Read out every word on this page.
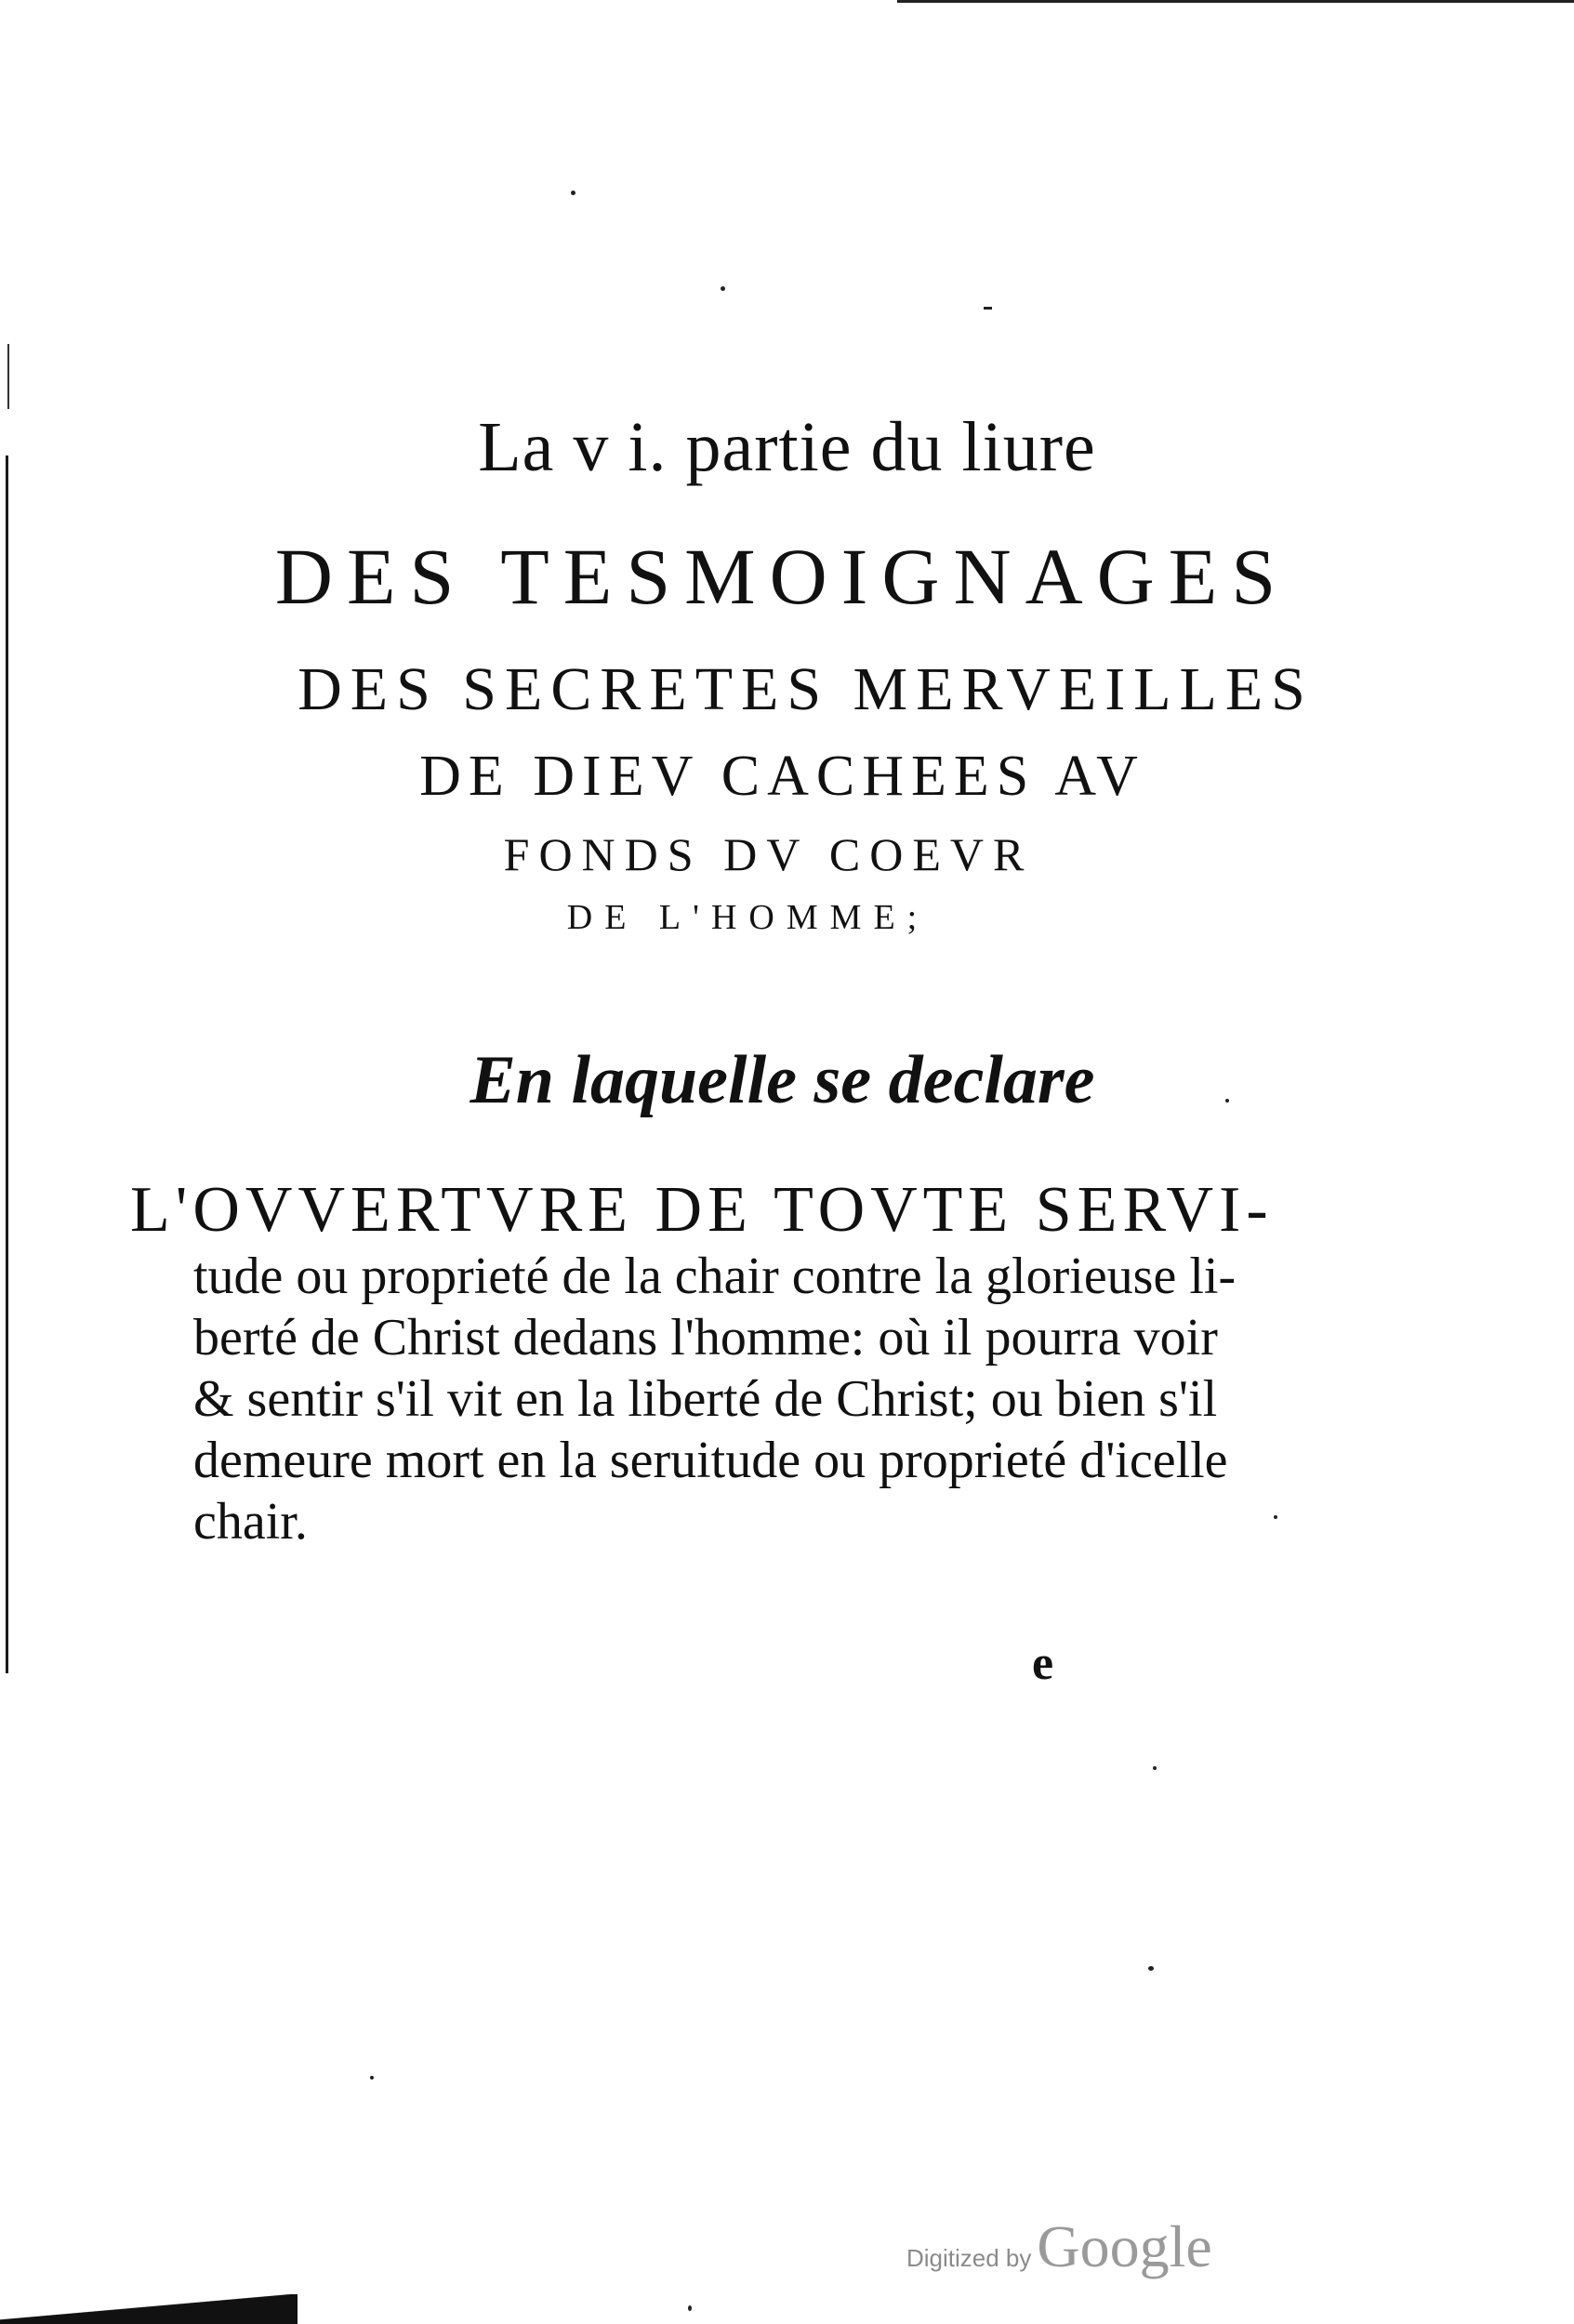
La v i. partie du liure
DES TESMOIGNAGES
DES SECRETES MERVEILLES
DE DIEV CACHEES AV
FONDS DV COEVR
DE L'HOMME;
En laquelle se declare
L'OVVERTVRE DE TOVTE SERVI-
tude ou proprieté de la chair contre la glorieuse li-
berté de Christ dedans l'homme: où il pourra voir
& sentir s'il vit en la liberté de Christ; ou bien s'il
demeure mort en la seruitude ou proprieté d'icelle
chair.
e
Digitized byGoogle
